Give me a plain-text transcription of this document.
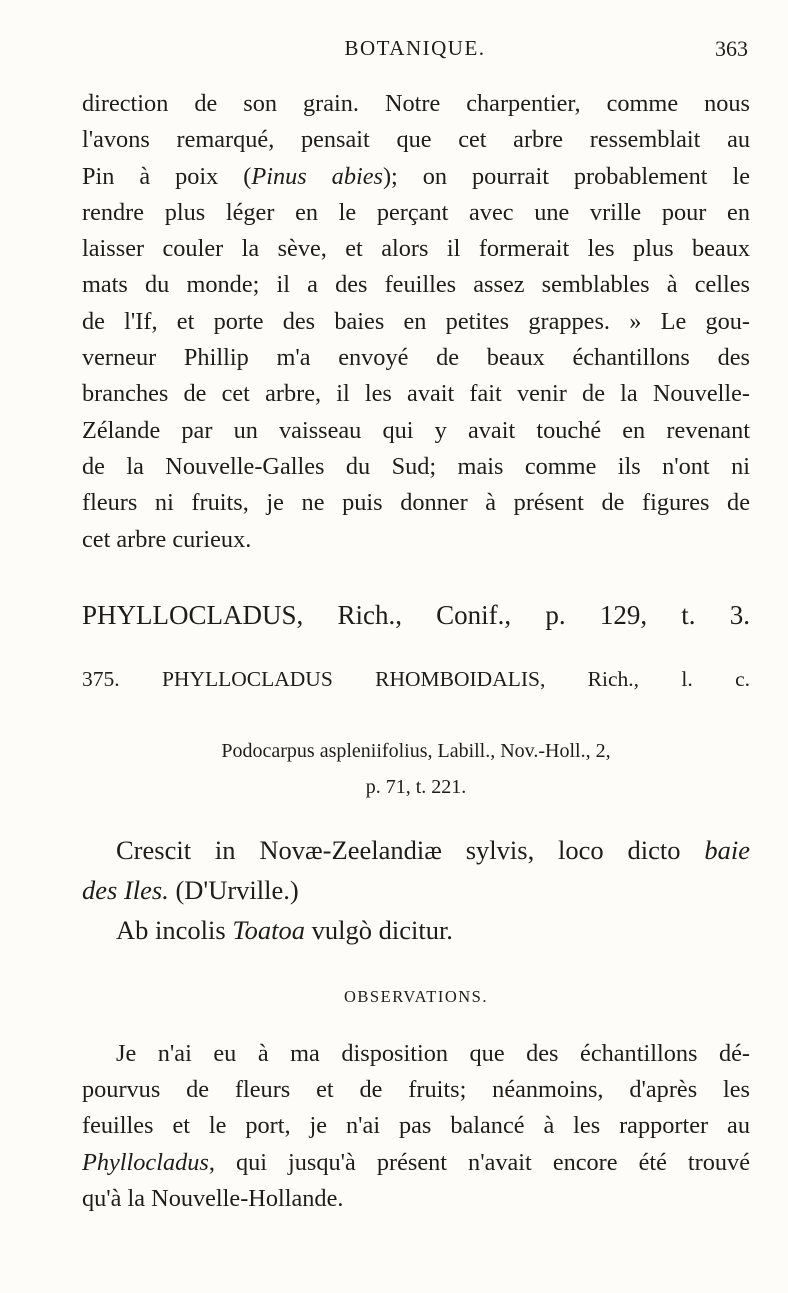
BOTANIQUE.	363
direction de son grain. Notre charpentier, comme nous
l'avons remarqué, pensait que cet arbre ressemblait au
Pin à poix (Pinus abies); on pourrait probablement le
rendre plus léger en le perçant avec une vrille pour en
laisser couler la sève, et alors il formerait les plus beaux
mats du monde; il a des feuilles assez semblables à celles
de l'If, et porte des baies en petites grappes. » Le gou-
verneur Phillip m'a envoyé de beaux échantillons des
branches de cet arbre, il les avait fait venir de la Nouvelle-
Zélande par un vaisseau qui y avait touché en revenant
de la Nouvelle-Galles du Sud; mais comme ils n'ont ni
fleurs ni fruits, je ne puis donner à présent de figures de
cet arbre curieux.
PHYLLOCLADUS, Rich., Conif., p. 129, t. 3.
375. PHYLLOCLADUS RHOMBOIDALIS, Rich., l. c.
Podocarpus aspleniifolius, Labill., Nov.-Holl., 2,
p. 71, t. 221.
Crescit in Novæ-Zeelandiæ sylvis, loco dicto baie
des Iles. (D'Urville.)
Ab incolis Toatoa vulgò dicitur.
OBSERVATIONS.
Je n'ai eu à ma disposition que des échantillons dé-
pourvus de fleurs et de fruits; néanmoins, d'après les
feuilles et le port, je n'ai pas balancé à les rapporter au
Phyllocladus, qui jusqu'à présent n'avait encore été trouvé
qu'à la Nouvelle-Hollande.
